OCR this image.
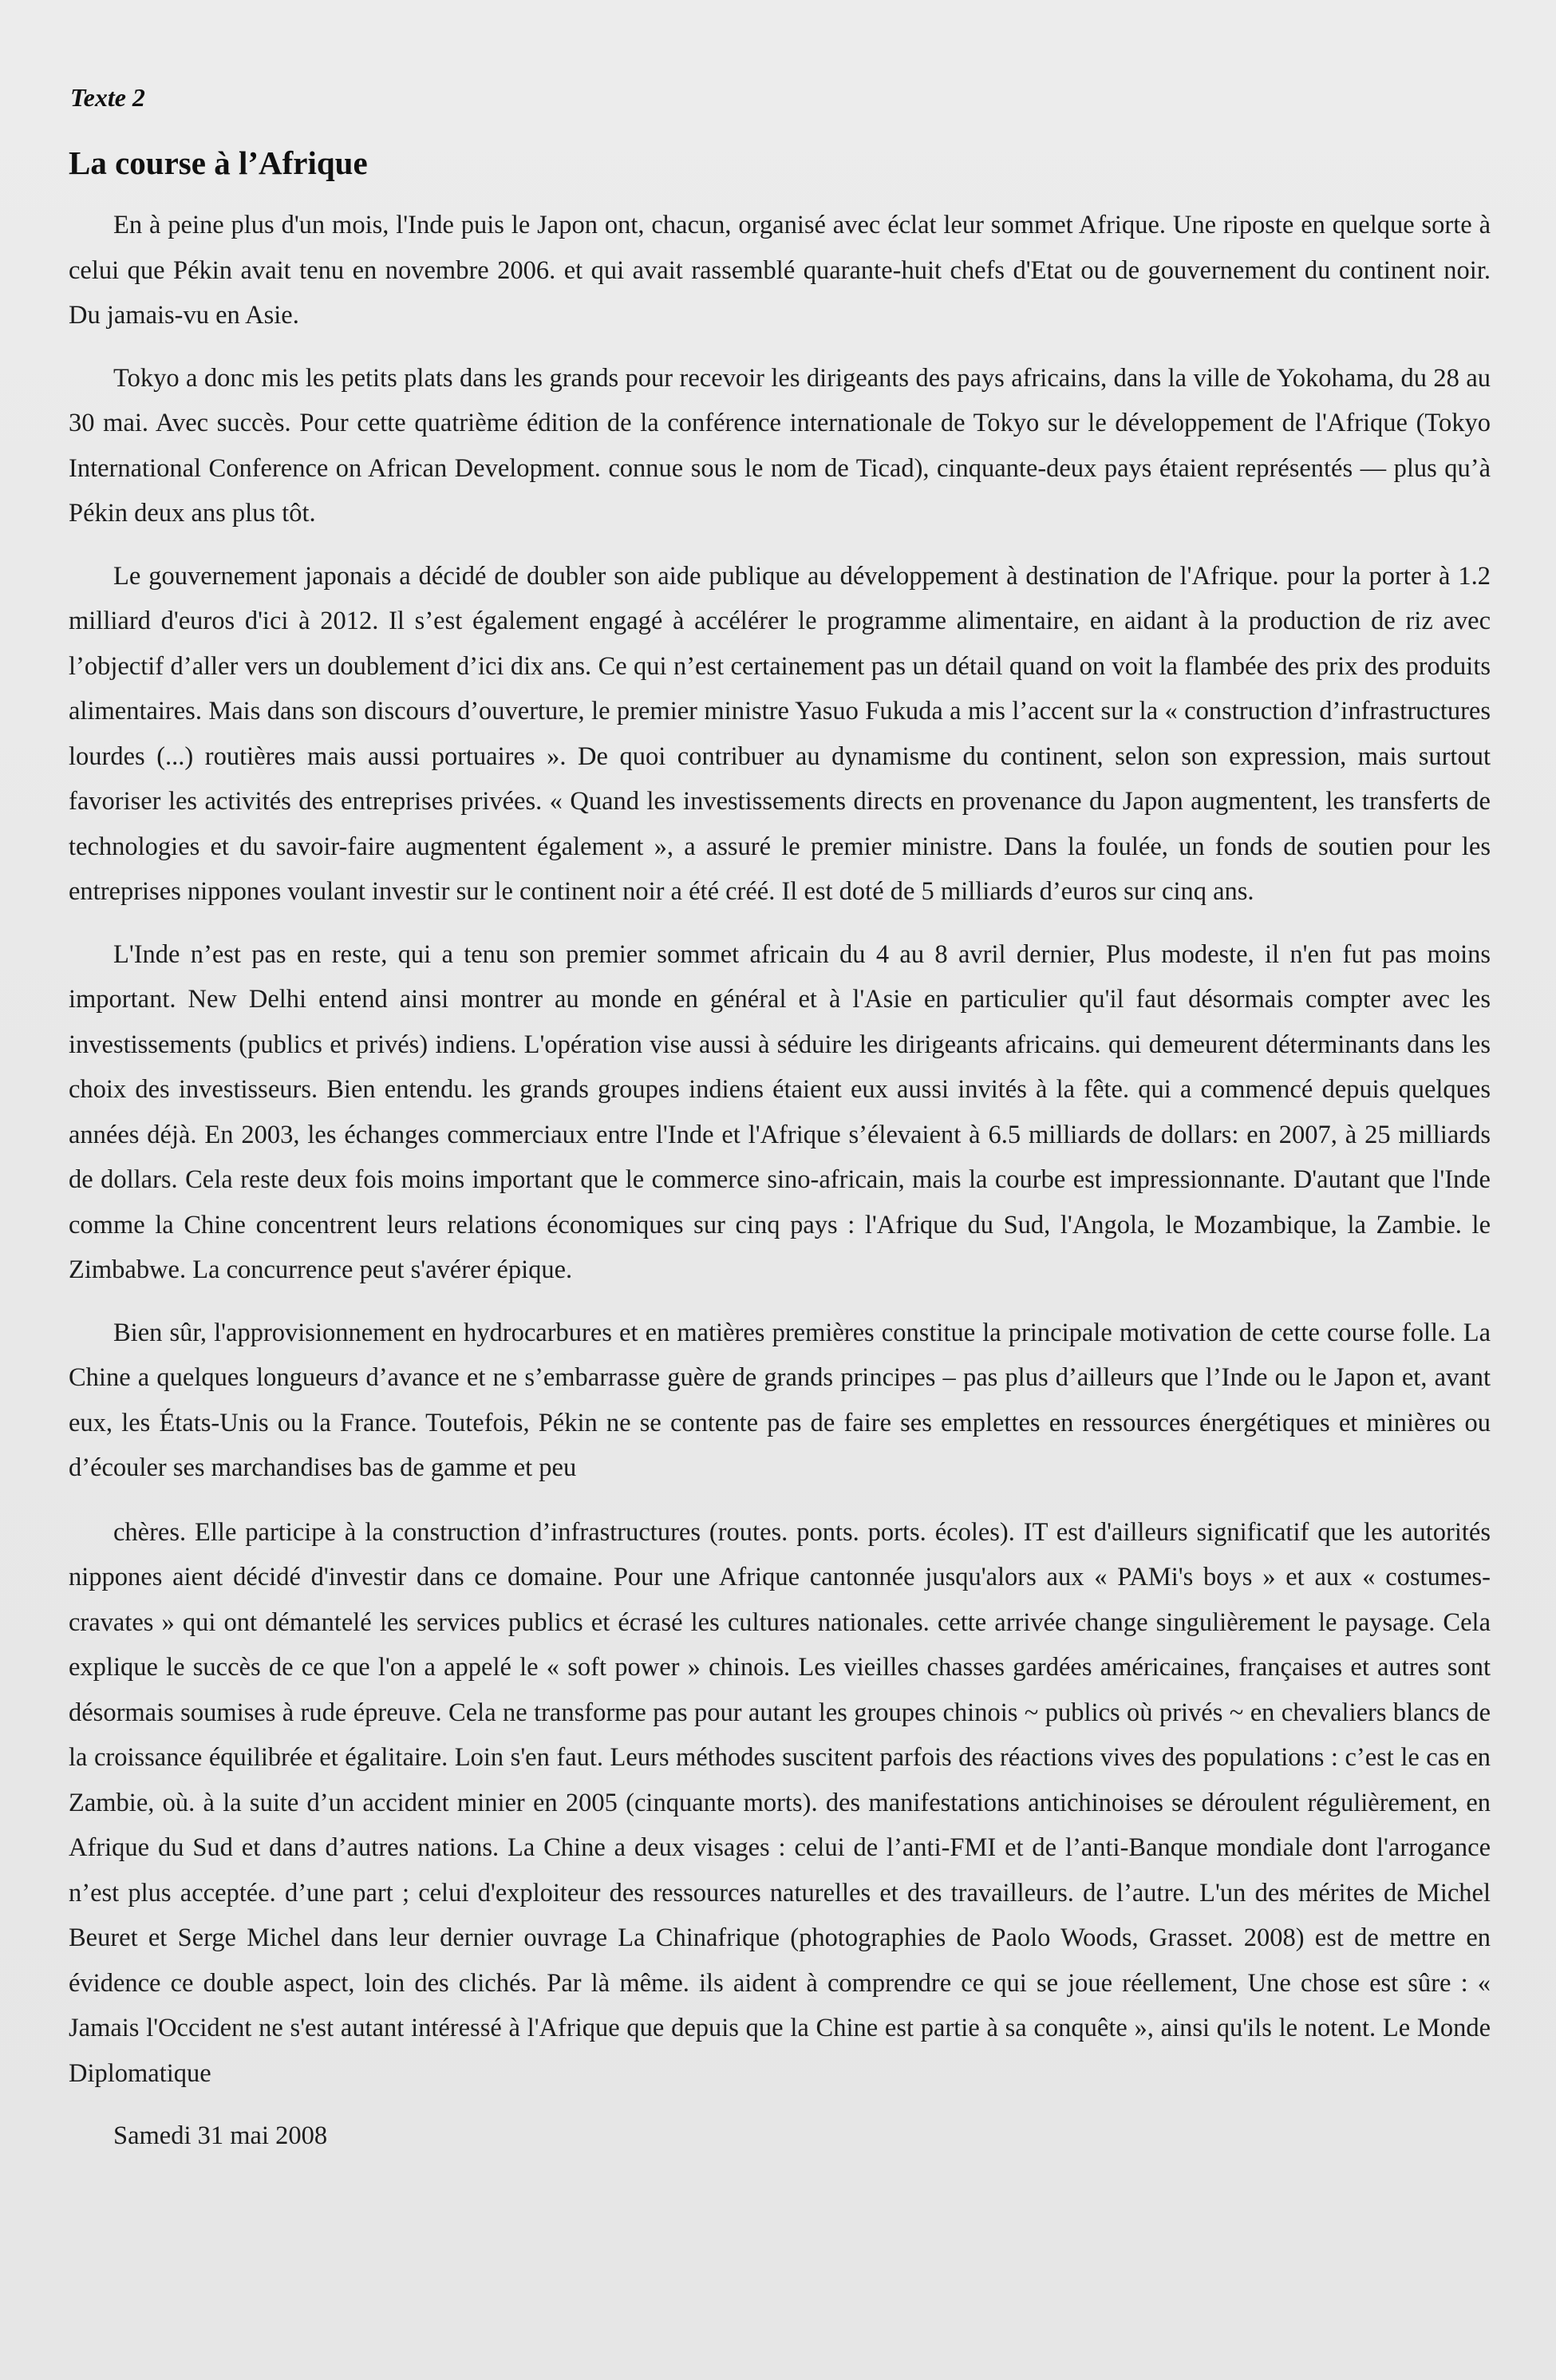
Texte 2
La course à l’Afrique

En à peine plus d'un mois, l'Inde puis le Japon ont, chacun, organisé avec éclat leur sommet Afrique. Une riposte en quelque sorte à celui que Pékin avait tenu en novembre 2006. et qui avait rassemblé quarante-huit chefs d'Etat ou de gouvernement du continent noir. Du jamais-vu en Asie.

Tokyo a donc mis les petits plats dans les grands pour recevoir les dirigeants des pays africains, dans la ville de Yokohama, du 28 au 30 mai. Avec succès. Pour cette quatrième édition de la conférence internationale de Tokyo sur le développement de l'Afrique (Tokyo International Conference on African Development. connue sous le nom de Ticad), cinquante-deux pays étaient représentés — plus qu’à Pékin deux ans plus tôt.

Le gouvernement japonais a décidé de doubler son aide publique au développement à destination de l'Afrique. pour la porter à 1.2 milliard d'euros d'ici à 2012. Il s’est également engagé à accélérer le programme alimentaire, en aidant à la production de riz avec l’objectif d’aller vers un doublement d’ici dix ans. Ce qui n’est certainement pas un détail quand on voit la flambée des prix des produits alimentaires. Mais dans son discours d’ouverture, le premier ministre Yasuo Fukuda a mis l’accent sur la « construction d’infrastructures lourdes (...) routières mais aussi portuaires ». De quoi contribuer au dynamisme du continent, selon son expression, mais surtout favoriser les activités des entreprises privées. « Quand les investissements directs en provenance du Japon augmentent, les transferts de technologies et du savoir-faire augmentent également », a assuré le premier ministre. Dans la foulée, un fonds de soutien pour les entreprises nippones voulant investir sur le continent noir a été créé. Il est doté de 5 milliards d’euros sur cinq ans.

L'Inde n’est pas en reste, qui a tenu son premier sommet africain du 4 au 8 avril dernier, Plus modeste, il n'en fut pas moins important. New Delhi entend ainsi montrer au monde en général et à l'Asie en particulier qu'il faut désormais compter avec les investissements (publics et privés) indiens. L'opération vise aussi à séduire les dirigeants africains. qui demeurent déterminants dans les choix des investisseurs. Bien entendu. les grands groupes indiens étaient eux aussi invités à la fête. qui a commencé depuis quelques années déjà. En 2003, les échanges commerciaux entre l'Inde et l'Afrique s’élevaient à 6.5 milliards de dollars: en 2007, à 25 milliards de dollars. Cela reste deux fois moins important que le commerce sino-africain, mais la courbe est impressionnante. D'autant que l'Inde comme la Chine concentrent leurs relations économiques sur cinq pays : l'Afrique du Sud, l'Angola, le Mozambique, la Zambie. le Zimbabwe. La concurrence peut s'avérer épique.

Bien sûr, l'approvisionnement en hydrocarbures et en matières premières constitue la principale motivation de cette course folle. La Chine a quelques longueurs d’avance et ne s’embarrasse guère de grands principes – pas plus d’ailleurs que l’Inde ou le Japon et, avant eux, les États-Unis ou la France. Toutefois, Pékin ne se contente pas de faire ses emplettes en ressources énergétiques et minières ou d’écouler ses marchandises bas de gamme et peu

chères. Elle participe à la construction d’infrastructures (routes. ponts. ports. écoles). IT est d'ailleurs significatif que les autorités nippones aient décidé d'investir dans ce domaine. Pour une Afrique cantonnée jusqu'alors aux « PAMi's boys » et aux « costumes-cravates » qui ont démantelé les services publics et écrasé les cultures nationales. cette arrivée change singulièrement le paysage. Cela explique le succès de ce que l'on a appelé le « soft power » chinois. Les vieilles chasses gardées américaines, françaises et autres sont désormais soumises à rude épreuve. Cela ne transforme pas pour autant les groupes chinois ~ publics où privés ~ en chevaliers blancs de la croissance équilibrée et égalitaire. Loin s'en faut. Leurs méthodes suscitent parfois des réactions vives des populations : c’est le cas en Zambie, où. à la suite d’un accident minier en 2005 (cinquante morts). des manifestations antichinoises se déroulent régulièrement, en Afrique du Sud et dans d’autres nations. La Chine a deux visages : celui de l’anti-FMI et de l’anti-Banque mondiale dont l'arrogance n’est plus acceptée. d’une part ; celui d'exploiteur des ressources naturelles et des travailleurs. de l’autre. L'un des mérites de Michel Beuret et Serge Michel dans leur dernier ouvrage La Chinafrique (photographies de Paolo Woods, Grasset. 2008) est de mettre en évidence ce double aspect, loin des clichés. Par là même. ils aident à comprendre ce qui se joue réellement, Une chose est sûre : « Jamais l'Occident ne s'est autant intéressé à l'Afrique que depuis que la Chine est partie à sa conquête », ainsi qu'ils le notent. Le Monde Diplomatique

Samedi 31 mai 2008
